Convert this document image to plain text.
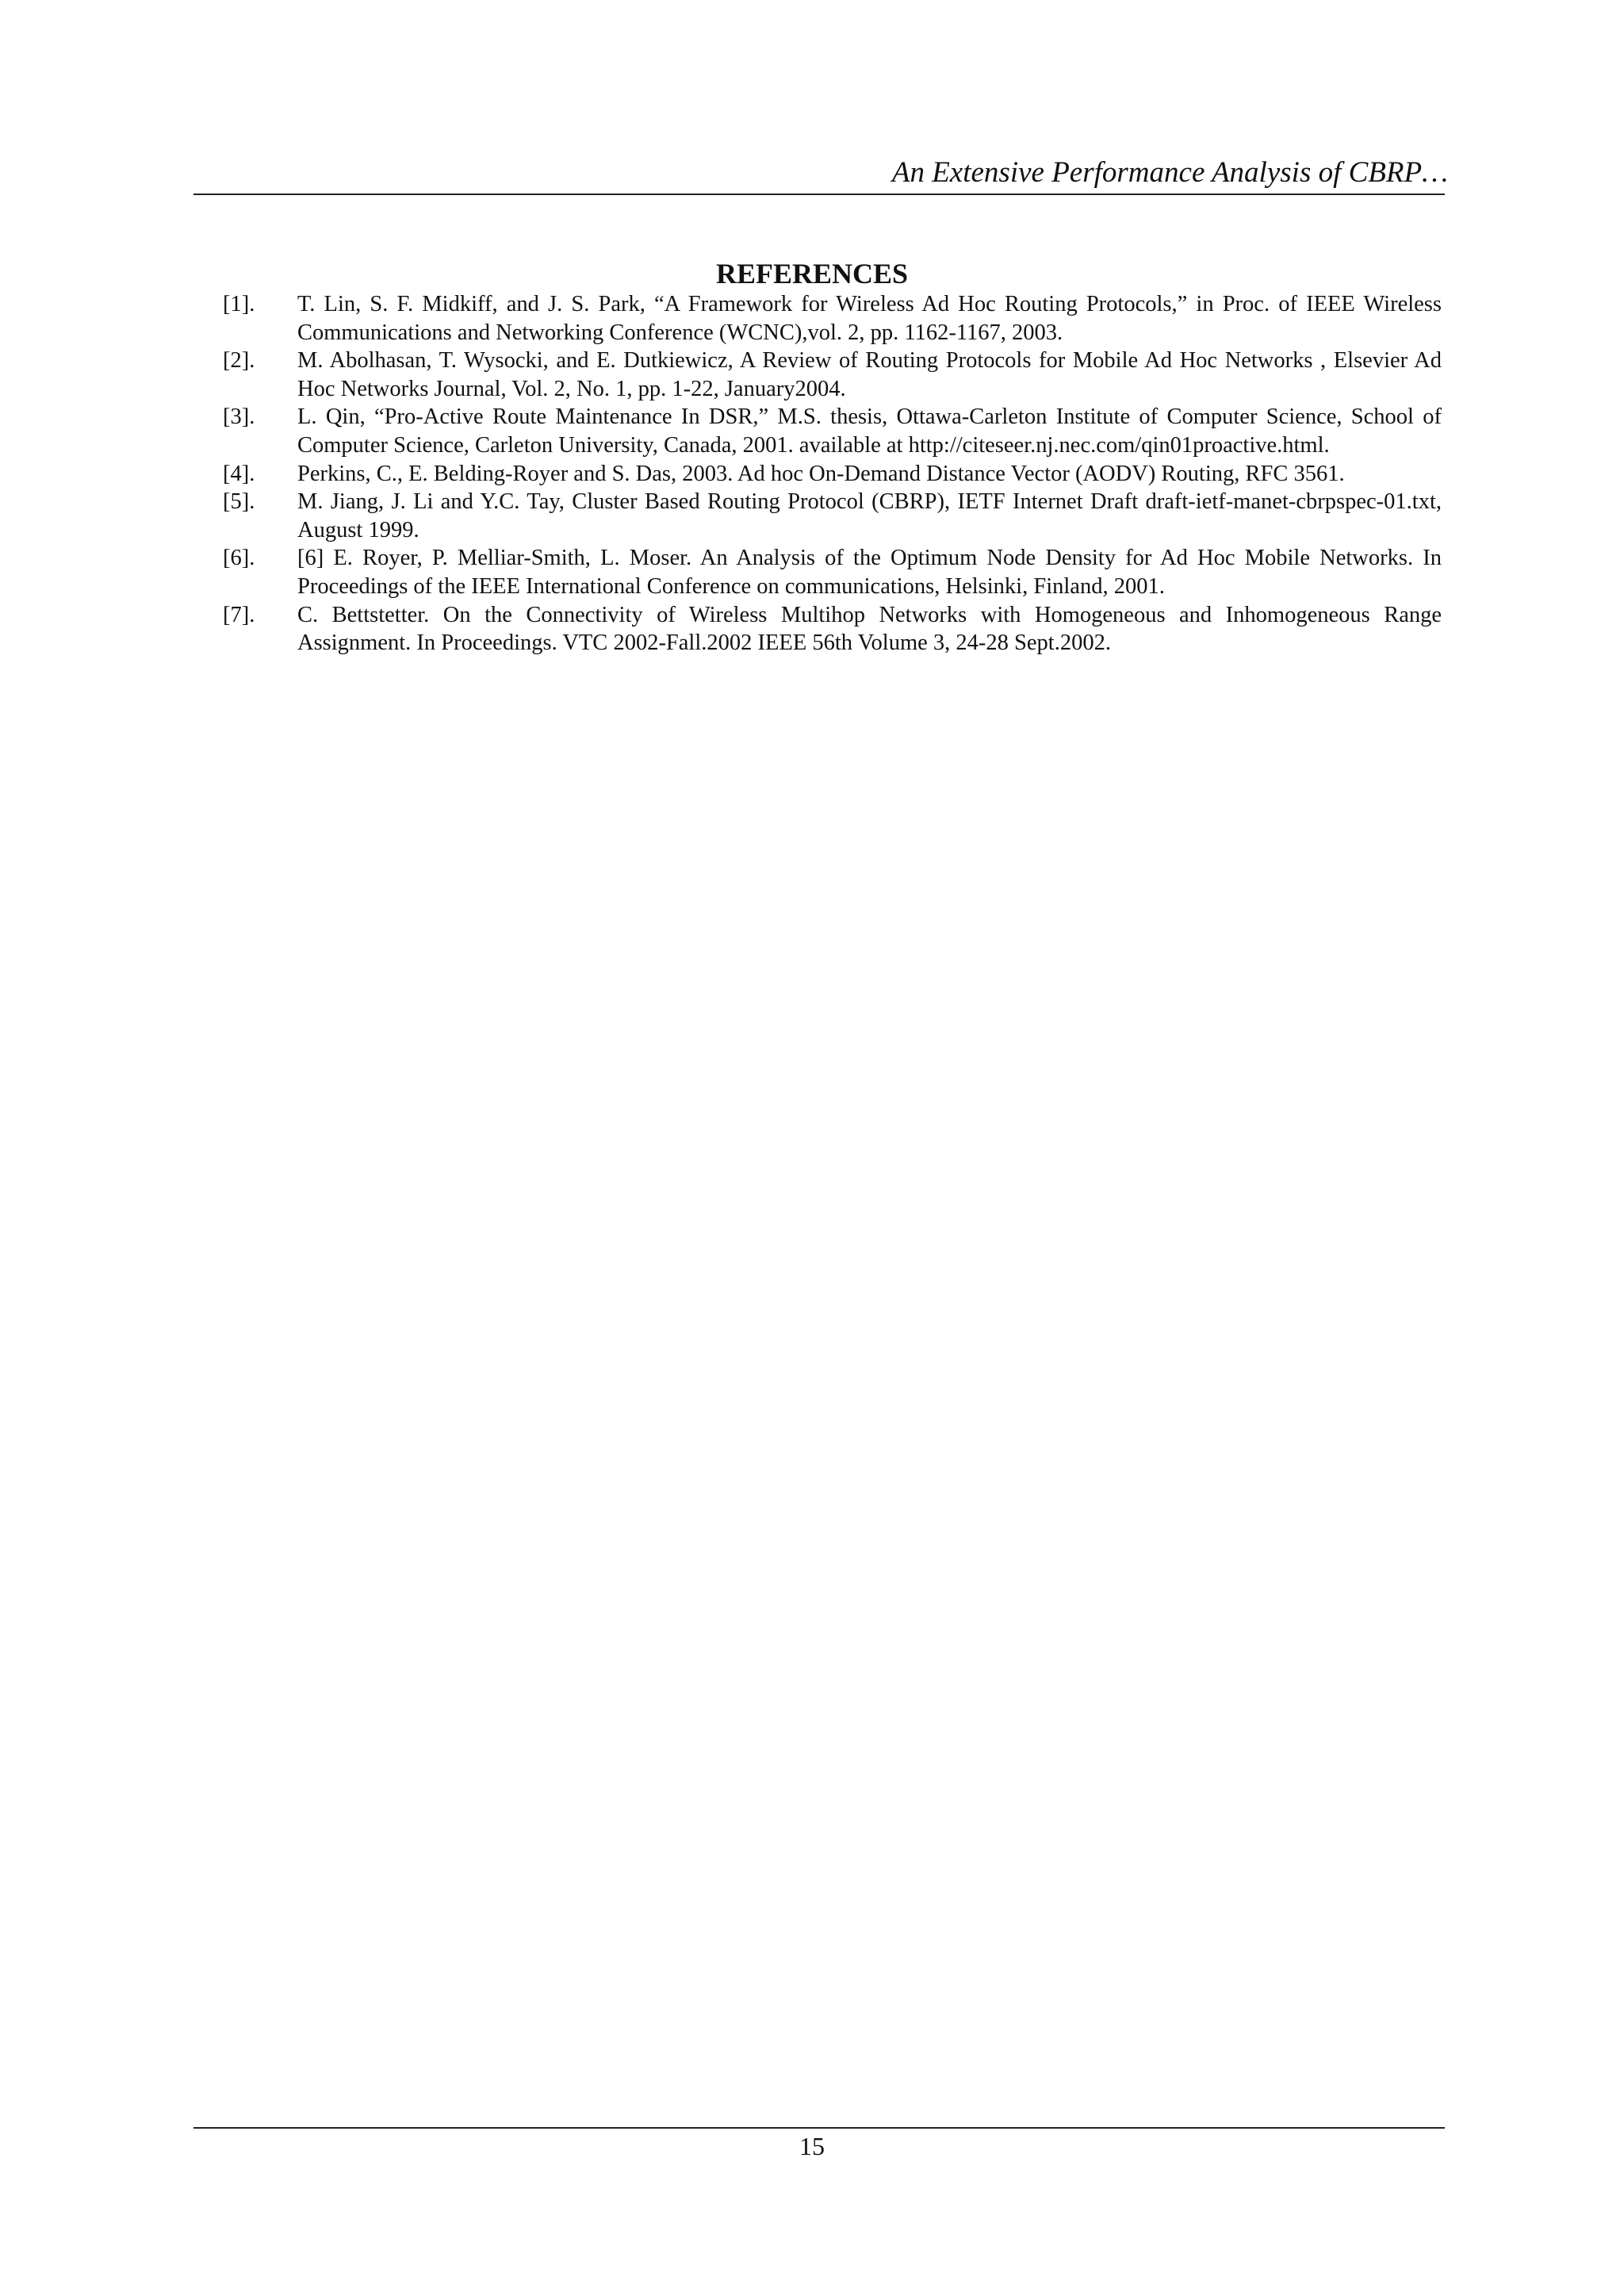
An Extensive Performance Analysis of CBRP…
REFERENCES
[1].	T. Lin, S. F. Midkiff, and J. S. Park, “A Framework for Wireless Ad Hoc Routing Protocols,” in Proc. of IEEE Wireless Communications and Networking Conference (WCNC),vol. 2, pp. 1162-1167, 2003.
[2].	M. Abolhasan, T. Wysocki, and E. Dutkiewicz, A Review of Routing Protocols for Mobile Ad Hoc Networks , Elsevier Ad Hoc Networks Journal, Vol. 2, No. 1, pp. 1-22, January2004.
[3].	L. Qin, “Pro-Active Route Maintenance In DSR,” M.S. thesis, Ottawa-Carleton Institute of Computer Science, School of Computer Science, Carleton University, Canada, 2001. available at http://citeseer.nj.nec.com/qin01proactive.html.
[4].	Perkins, C., E. Belding-Royer and S. Das, 2003. Ad hoc On-Demand Distance Vector (AODV) Routing, RFC 3561.
[5].	M. Jiang, J. Li and Y.C. Tay, Cluster Based Routing Protocol (CBRP), IETF Internet Draft draft-ietf-manet-cbrpspec-01.txt, August 1999.
[6].	[6] E. Royer, P. Melliar-Smith, L. Moser. An Analysis of the Optimum Node Density for Ad Hoc Mobile Networks. In Proceedings of the IEEE International Conference on communications, Helsinki, Finland, 2001.
[7].	C. Bettstetter. On the Connectivity of Wireless Multihop Networks with Homogeneous and Inhomogeneous Range Assignment. In Proceedings. VTC 2002-Fall.2002 IEEE 56th Volume 3, 24-28 Sept.2002.
15
